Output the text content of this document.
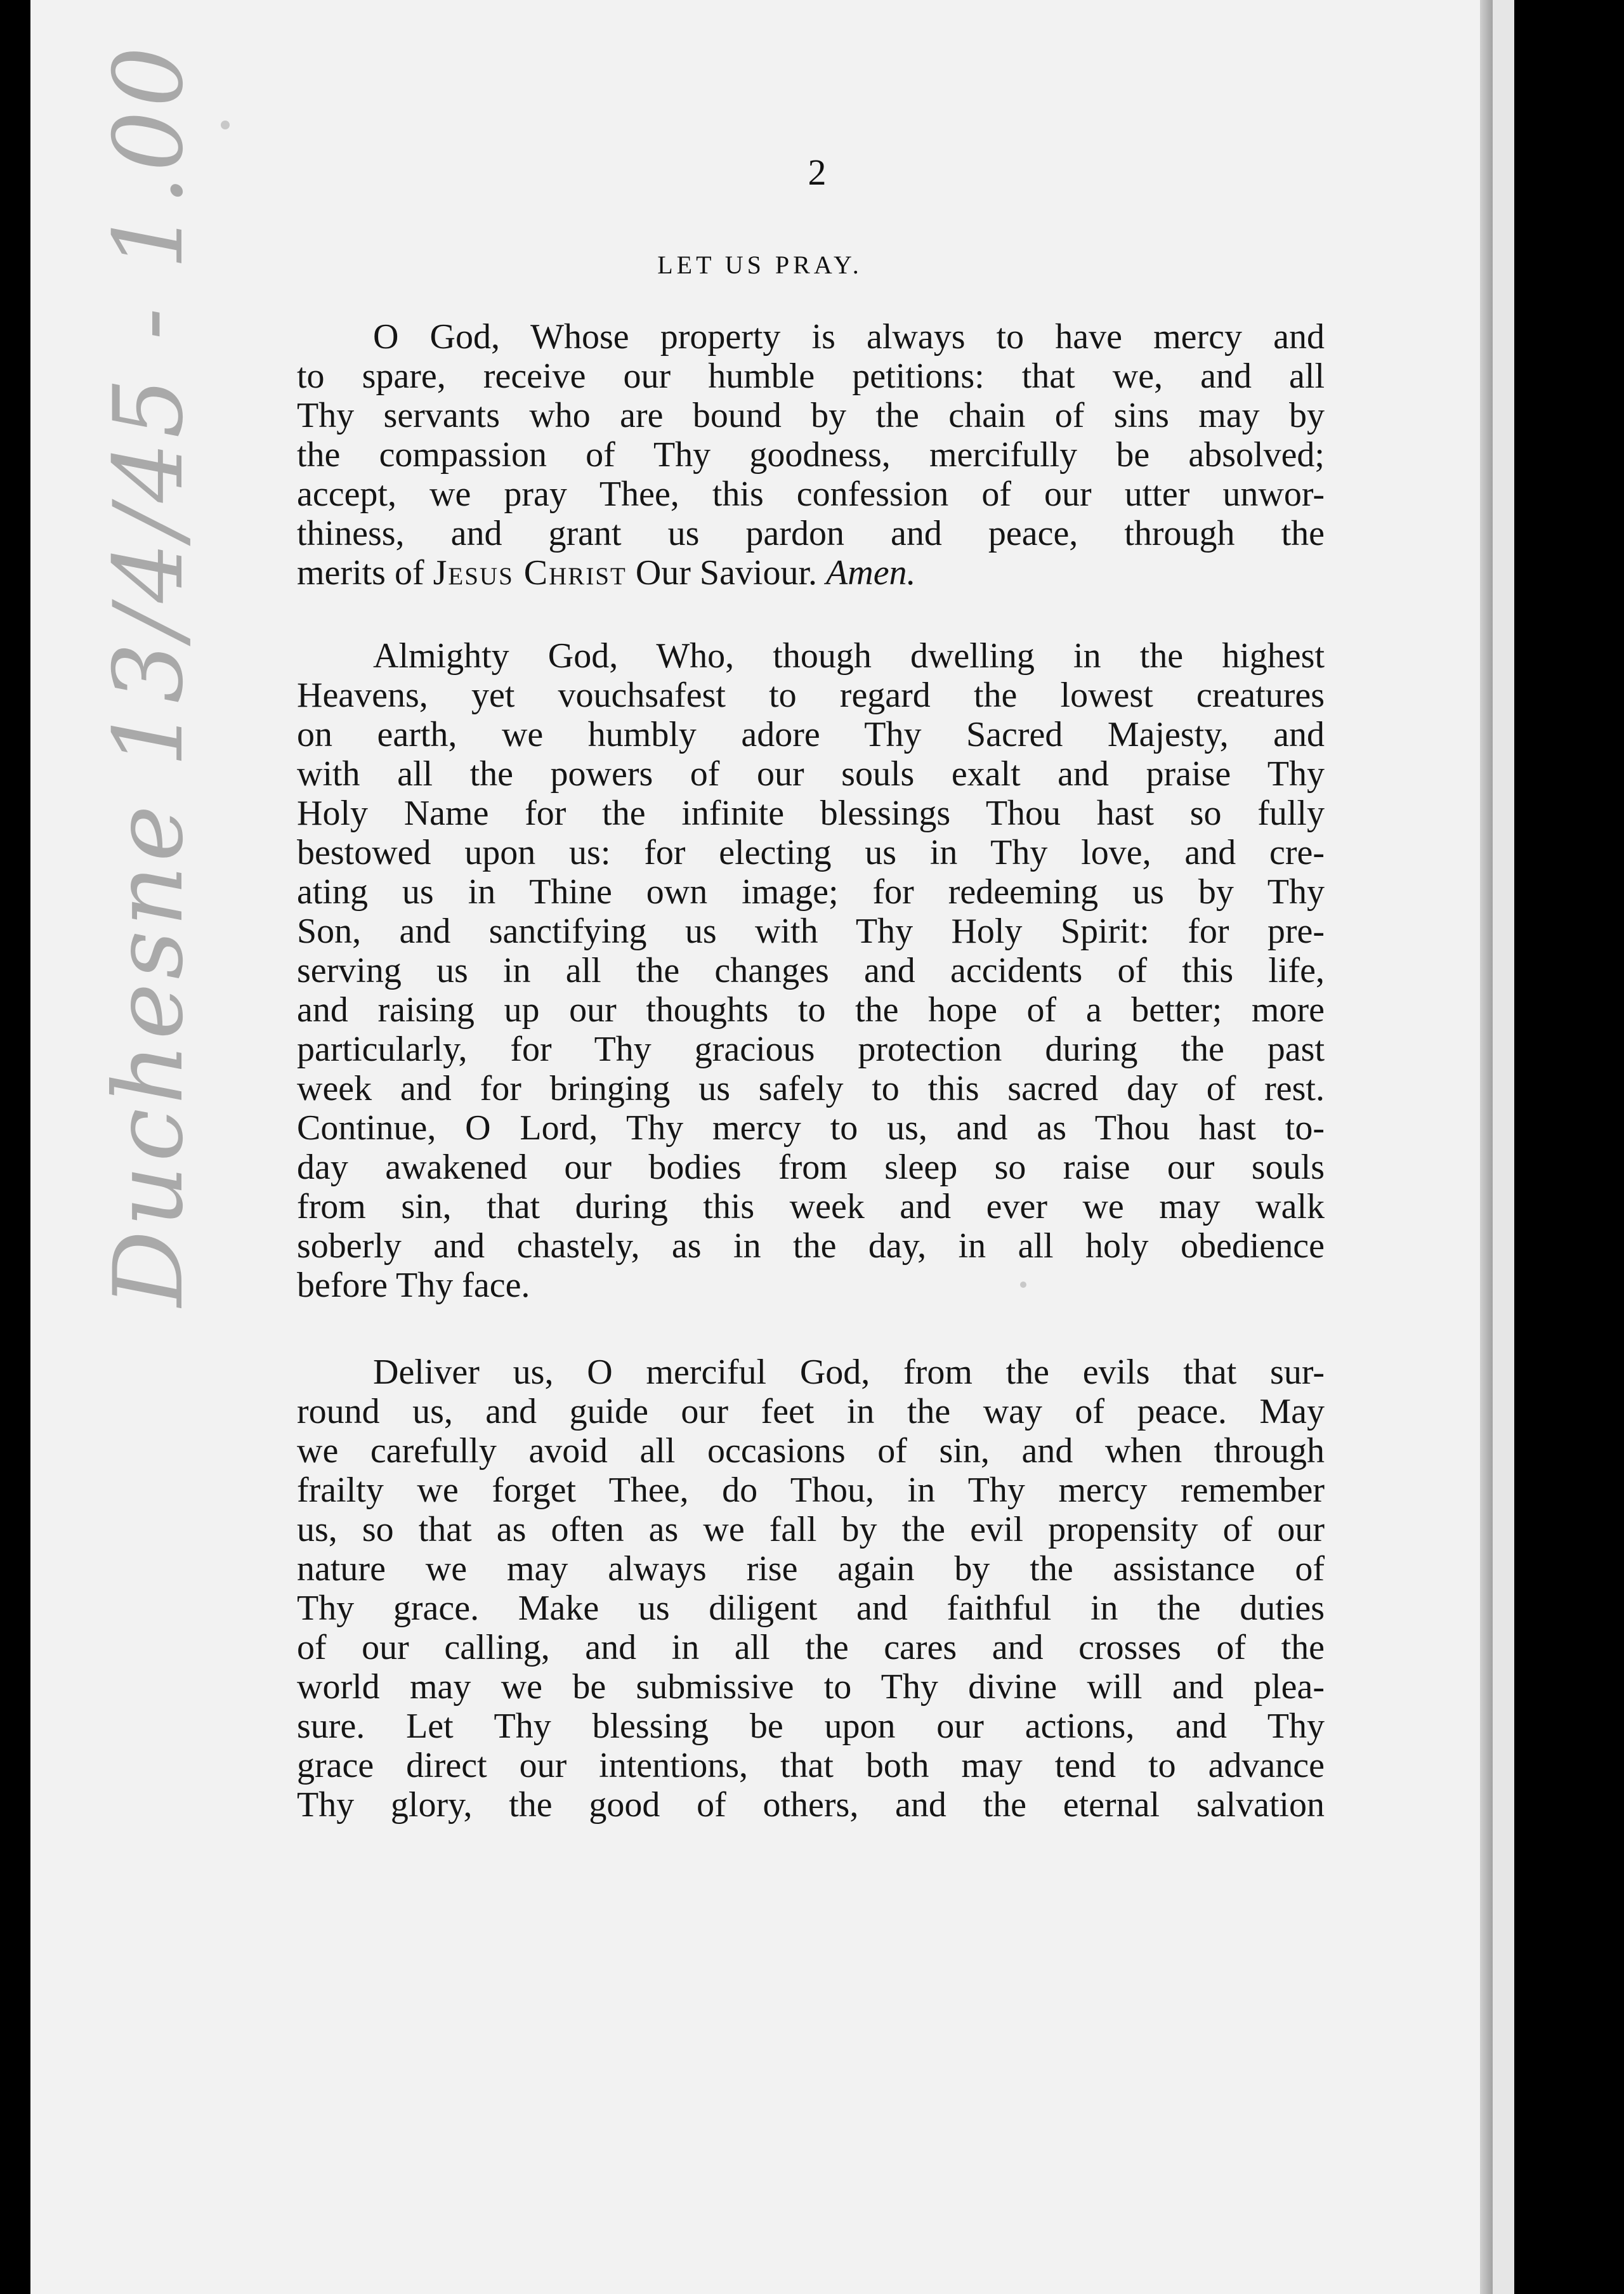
Duchesne 13/4/45 - 1.00	2
LET US PRAY.
O God, Whose property is always to have mercy and
to spare, receive our humble petitions: that we, and all
Thy servants who are bound by the chain of sins may by
the compassion of Thy goodness, mercifully be absolved;
accept, we pray Thee, this confession of our utter unwor-
thiness, and grant us pardon and peace, through the
merits of Jesus Christ Our Saviour. Amen.
Almighty God, Who, though dwelling in the highest
Heavens, yet vouchsafest to regard the lowest creatures
on earth, we humbly adore Thy Sacred Majesty, and
with all the powers of our souls exalt and praise Thy
Holy Name for the infinite blessings Thou hast so fully
bestowed upon us: for electing us in Thy love, and cre-
ating us in Thine own image; for redeeming us by Thy
Son, and sanctifying us with Thy Holy Spirit: for pre-
serving us in all the changes and accidents of this life,
and raising up our thoughts to the hope of a better; more
particularly, for Thy gracious protection during the past
week and for bringing us safely to this sacred day of rest.
Continue, O Lord, Thy mercy to us, and as Thou hast to-
day awakened our bodies from sleep so raise our souls
from sin, that during this week and ever we may walk
soberly and chastely, as in the day, in all holy obedience
before Thy face.
Deliver us, O merciful God, from the evils that sur-
round us, and guide our feet in the way of peace. May
we carefully avoid all occasions of sin, and when through
frailty we forget Thee, do Thou, in Thy mercy remember
us, so that as often as we fall by the evil propensity of our
nature we may always rise again by the assistance of
Thy grace. Make us diligent and faithful in the duties
of our calling, and in all the cares and crosses of the
world may we be submissive to Thy divine will and plea-
sure. Let Thy blessing be upon our actions, and Thy
grace direct our intentions, that both may tend to advance
Thy glory, the good of others, and the eternal salvation
